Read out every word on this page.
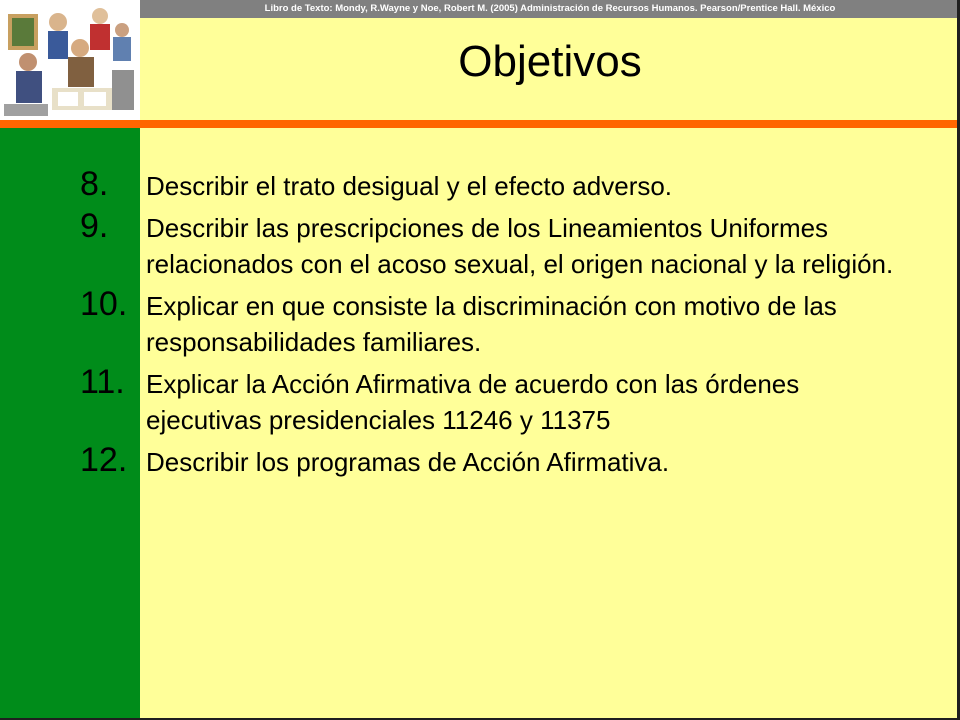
Libro de Texto: Mondy, R.Wayne y Noe, Robert M. (2005) Administración de Recursos Humanos. Pearson/Prentice Hall. México
Objetivos
8. Describir el trato desigual y el efecto adverso.
9. Describir las prescripciones de los Lineamientos Uniformes relacionados con el acoso sexual, el origen nacional y la religión.
10. Explicar en que consiste la discriminación con motivo de las responsabilidades familiares.
11. Explicar la Acción Afirmativa de acuerdo con las órdenes ejecutivas presidenciales 11246 y 11375
12. Describir los programas de Acción Afirmativa.
